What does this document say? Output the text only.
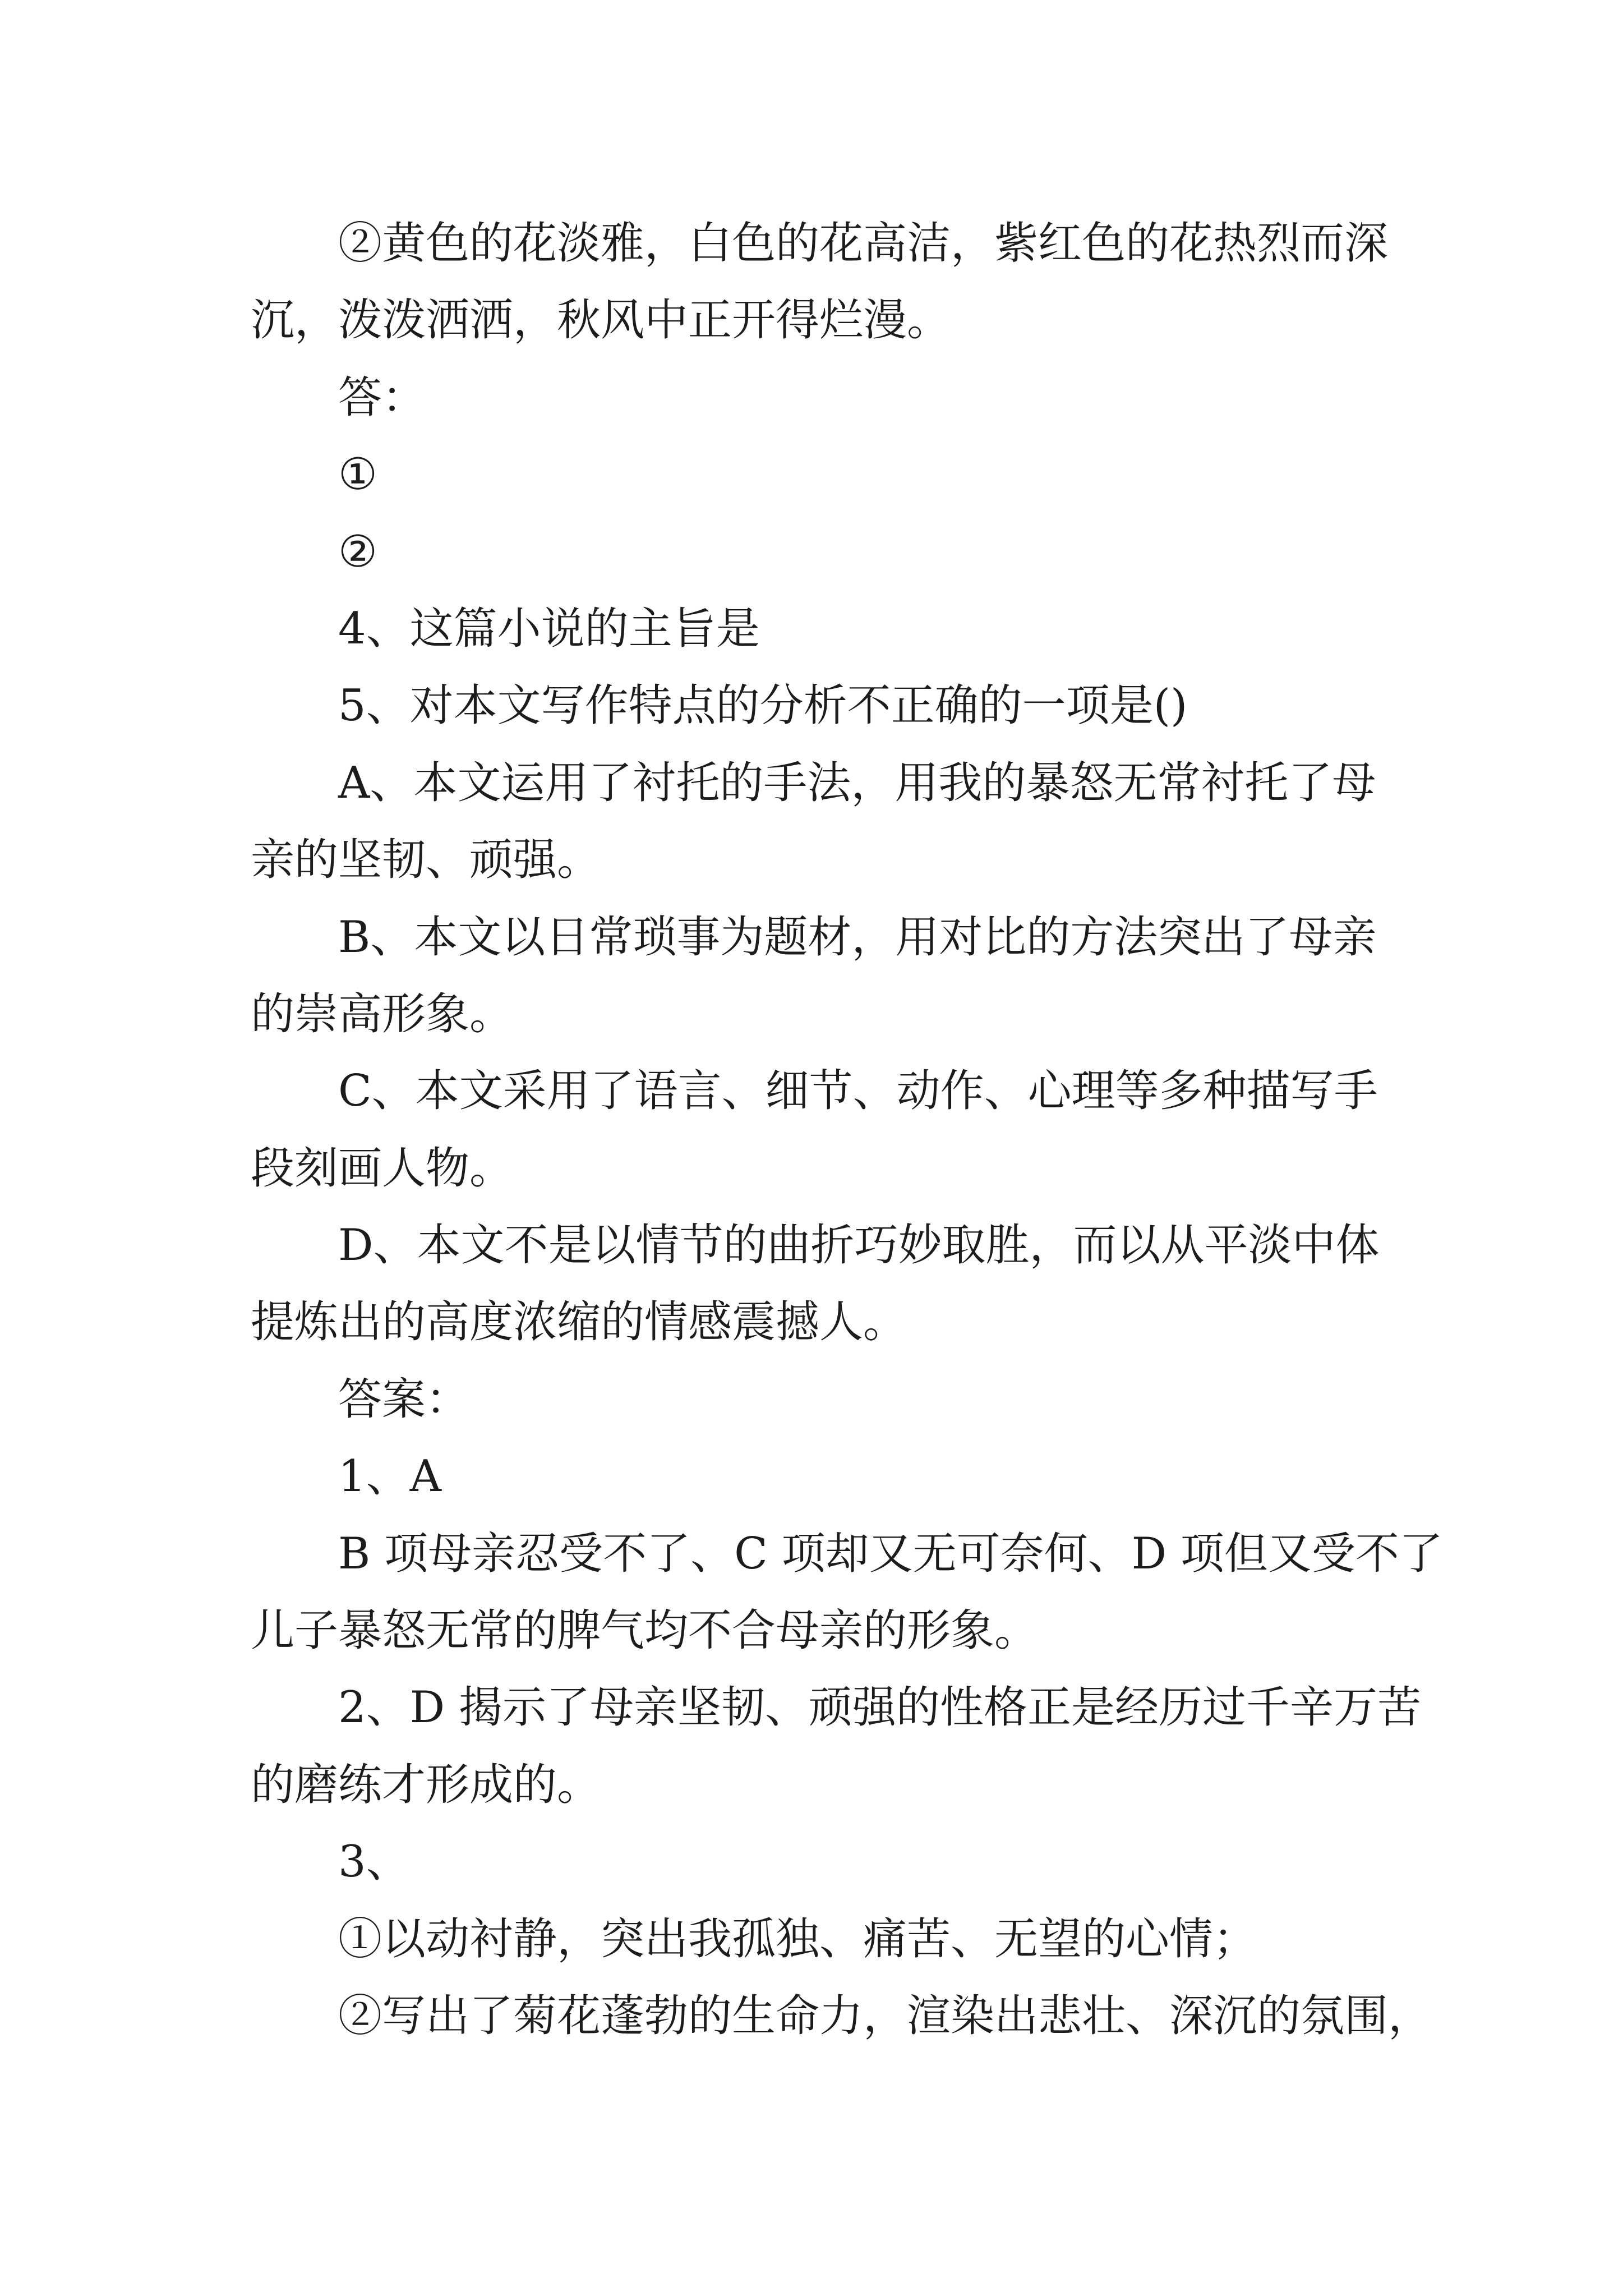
②黄色的花淡雅，白色的花高洁，紫红色的花热烈而深
沉，泼泼洒洒，秋风中正开得烂漫。
答：
①
②
4、这篇小说的主旨是
5、对本文写作特点的分析不正确的一项是()
A、本文运用了衬托的手法，用我的暴怒无常衬托了母
亲的坚韧、顽强。
B、本文以日常琐事为题材，用对比的方法突出了母亲
的崇高形象。
C、本文采用了语言、细节、动作、心理等多种描写手
段刻画人物。
D、本文不是以情节的曲折巧妙取胜，而以从平淡中体
提炼出的高度浓缩的情感震撼人。
答案：
1、A
B 项母亲忍受不了、C 项却又无可奈何、D 项但又受不了
儿子暴怒无常的脾气均不合母亲的形象。
2、D 揭示了母亲坚韧、顽强的性格正是经历过千辛万苦
的磨练才形成的。
3、
①以动衬静，突出我孤独、痛苦、无望的心情；
②写出了菊花蓬勃的生命力，渲染出悲壮、深沉的氛围，
